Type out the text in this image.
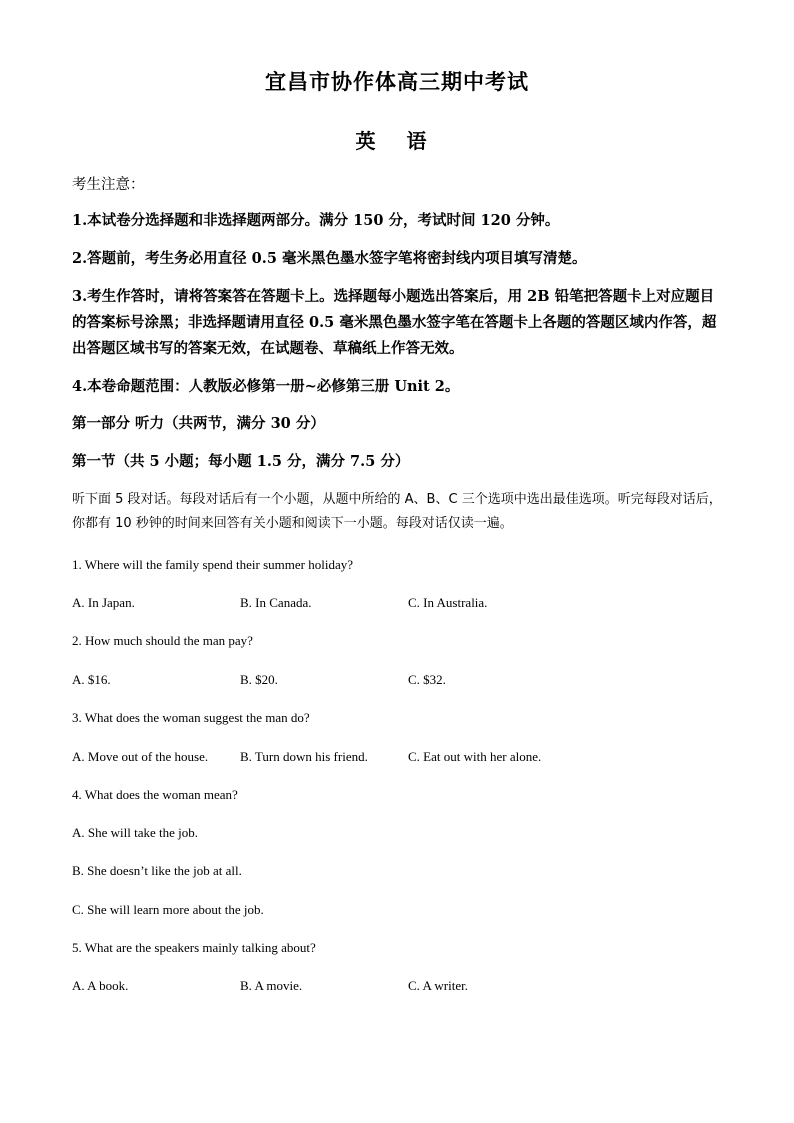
宜昌市协作体高三期中考试
英 语

考生注意：

1.本试卷分选择题和非选择题两部分。满分 150 分，考试时间 120 分钟。

2.答题前，考生务必用直径 0.5 毫米黑色墨水签字笔将密封线内项目填写清楚。

3.考生作答时，请将答案答在答题卡上。选择题每小题选出答案后，用 2B 铅笔把答题卡上对应题目的答案标号涂黑；非选择题请用直径 0.5 毫米黑色墨水签字笔在答题卡上各题的答题区域内作答，超出答题区域书写的答案无效，在试题卷、草稿纸上作答无效。

4.本卷命题范围：人教版必修第一册~必修第三册 Unit 2。

第一部分 听力（共两节，满分 30 分）

第一节（共 5 小题；每小题 1.5 分，满分 7.5 分）

听下面 5 段对话。每段对话后有一个小题，从题中所给的 A、B、C 三个选项中选出最佳选项。听完每段对话后，你都有 10 秒钟的时间来回答有关小题和阅读下一小题。每段对话仅读一遍。

1. Where will the family spend their summer holiday?

A. In Japan.	B. In Canada.	C. In Australia.

2. How much should the man pay?

A. $16.	B. $20.	C. $32.

3. What does the woman suggest the man do?

A. Move out of the house. B. Turn down his friend.	C. Eat out with her alone.

4. What does the woman mean?

A. She will take the job.

B. She doesn’t like the job at all.

C. She will learn more about the job.

5. What are the speakers mainly talking about?

A. A book.	B. A movie.	C. A writer.
